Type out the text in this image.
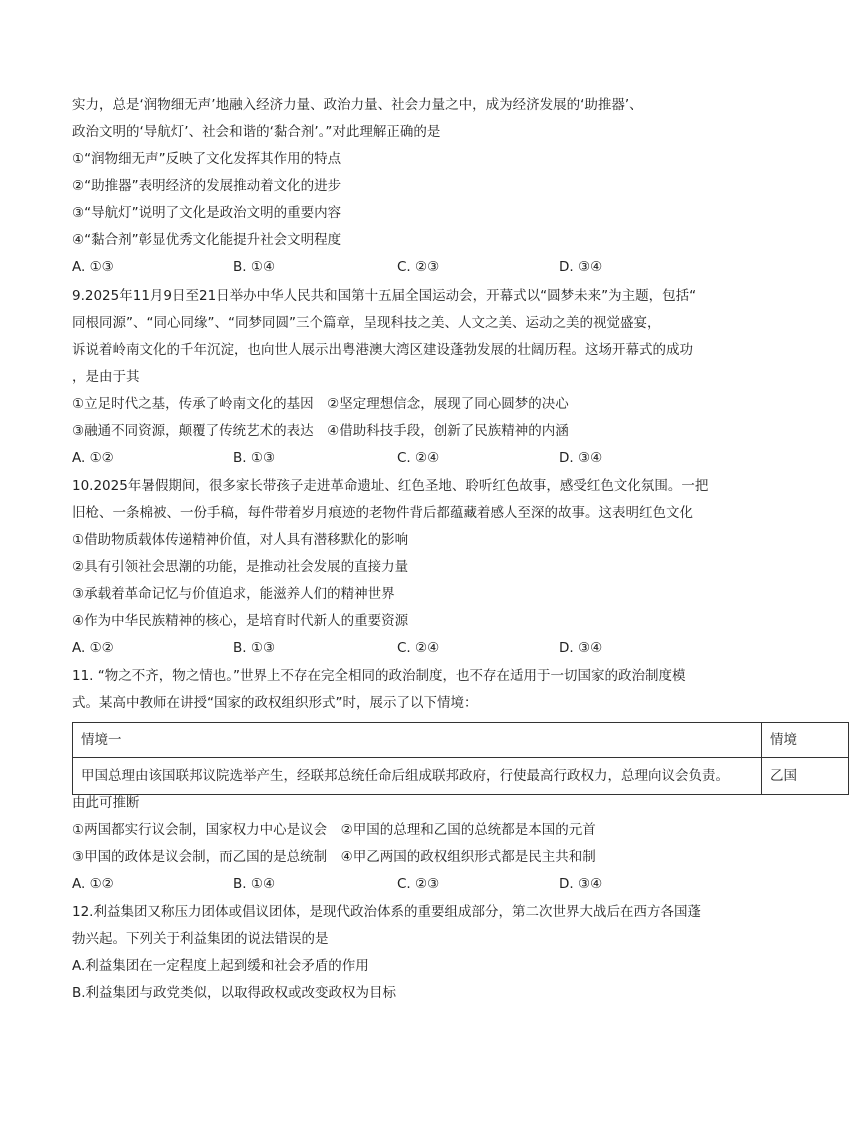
实力，总是‘润物细无声’地融入经济力量、政治力量、社会力量之中，成为经济发展的‘助推器’、
政治文明的‘导航灯’、社会和谐的‘黏合剂’。”对此理解正确的是
①“润物细无声”反映了文化发挥其作用的特点
②“助推器”表明经济的发展推动着文化的进步
③“导航灯”说明了文化是政治文明的重要内容
④“黏合剂”彰显优秀文化能提升社会文明程度
A. ①③	B. ①④	C. ②③	D. ③④
9.2025年11月9日至21日举办中华人民共和国第十五届全国运动会，开幕式以“圆梦未来”为主题，包括“
同根同源”、“同心同缘”、“同梦同圆”三个篇章，呈现科技之美、人文之美、运动之美的视觉盛宴，
诉说着岭南文化的千年沉淀，也向世人展示出粤港澳大湾区建设蓬勃发展的壮阔历程。这场开幕式的成功
，是由于其
①立足时代之基，传承了岭南文化的基因　②坚定理想信念，展现了同心圆梦的决心
③融通不同资源，颠覆了传统艺术的表达　④借助科技手段，创新了民族精神的内涵
A. ①②	B. ①③	C. ②④	D. ③④
10.2025年暑假期间，很多家长带孩子走进革命遗址、红色圣地、聆听红色故事，感受红色文化氛围。一把
旧枪、一条棉被、一份手稿，每件带着岁月痕迹的老物件背后都蕴藏着感人至深的故事。这表明红色文化
①借助物质载体传递精神价值，对人具有潜移默化的影响
②具有引领社会思潮的功能，是推动社会发展的直接力量
③承载着革命记忆与价值追求，能滋养人们的精神世界
④作为中华民族精神的核心，是培育时代新人的重要资源
A. ①②	B. ①③	C. ②④	D. ③④
11. “物之不齐，物之情也。”世界上不存在完全相同的政治制度，也不存在适用于一切国家的政治制度模
式。某高中教师在讲授“国家的政权组织形式”时，展示了以下情境：
情境一	情境
甲国总理由该国联邦议院选举产生，经联邦总统任命后组成联邦政府，行使最高行政权力，总理向议会负责。	乙国
由此可推断
①两国都实行议会制，国家权力中心是议会　②甲国的总理和乙国的总统都是本国的元首
③甲国的政体是议会制，而乙国的是总统制　④甲乙两国的政权组织形式都是民主共和制
A. ①②	B. ①④	C. ②③	D. ③④
12.利益集团又称压力团体或倡议团体，是现代政治体系的重要组成部分，第二次世界大战后在西方各国蓬
勃兴起。下列关于利益集团的说法错误的是
A.利益集团在一定程度上起到缓和社会矛盾的作用
B.利益集团与政党类似，以取得政权或改变政权为目标
